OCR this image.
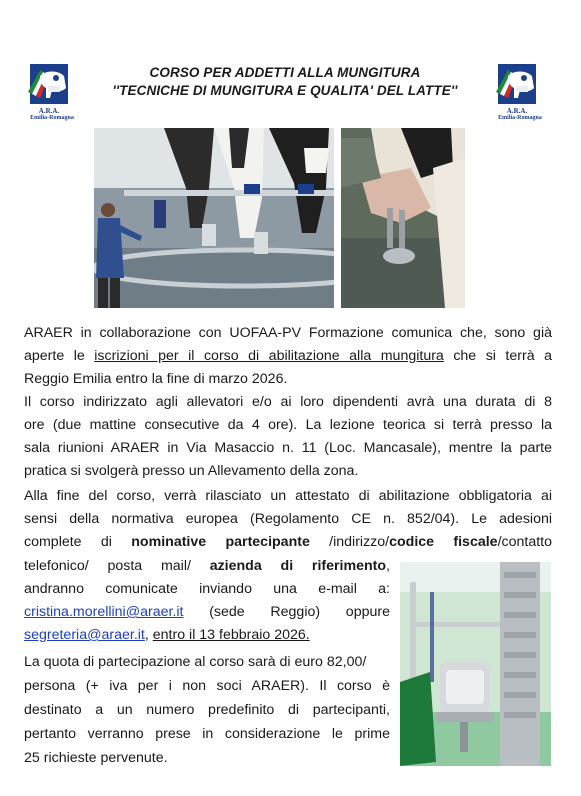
A.R.A.
Emilia-Romagna
A.R.A.
Emilia-Romagna
CORSO PER ADDETTI ALLA MUNGITURA
''TECNICHE DI MUNGITURA E QUALITA' DEL LATTE''
ARAER in collaborazione con UOFAA-PV Formazione comunica che, sono già
aperte le iscrizioni per il corso di abilitazione alla mungitura che si terrà a
Reggio Emilia entro la fine di marzo 2026.
Il corso indirizzato agli allevatori e/o ai loro dipendenti avrà una durata di 8
ore (due mattine consecutive da 4 ore). La lezione teorica si terrà presso la
sala riunioni ARAER in Via Masaccio n. 11 (Loc. Mancasale), mentre la parte
pratica si svolgerà presso un Allevamento della zona.
Alla fine del corso, verrà rilasciato un attestato di abilitazione obbligatoria ai
sensi della normativa europea (Regolamento CE n. 852/04). Le adesioni
complete di nominative partecipante /indirizzo/codice fiscale/contatto
telefonico/ posta mail/ azienda di riferimento,
andranno comunicate inviando una e-mail a:
cristina.morellini@araer.it (sede Reggio) oppure
segreteria@araer.it, entro il 13 febbraio 2026.
La quota di partecipazione al corso sarà di euro 82,00/
persona (+ iva per i non soci ARAER). Il corso è
destinato a un numero predefinito di partecipanti,
pertanto verranno prese in considerazione le prime
25 richieste pervenute.
